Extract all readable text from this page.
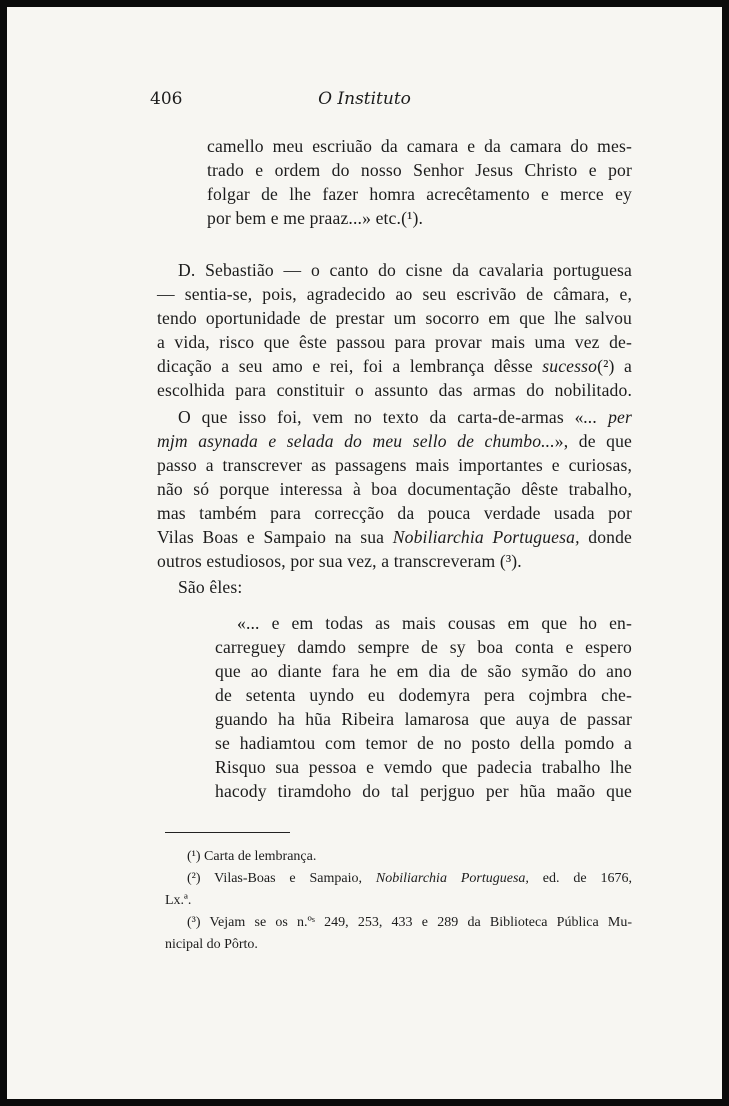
406	O Instituto
camello meu escriuão da camara e da camara do mes-
trado e ordem do nosso Senhor Jesus Christo e por
folgar de lhe fazer homra acrecêtamento e merce ey
por bem e me praaz...» etc.(¹).
D. Sebastião — o canto do cisne da cavalaria portuguesa
— sentia-se, pois, agradecido ao seu escrivão de câmara, e,
tendo oportunidade de prestar um socorro em que lhe salvou
a vida, risco que êste passou para provar mais uma vez de-
dicação a seu amo e rei, foi a lembrança dêsse sucesso(²) a
escolhida para constituir o assunto das armas do nobilitado.
O que isso foi, vem no texto da carta-de-armas «... per
mjm asynada e selada do meu sello de chumbo...», de que
passo a transcrever as passagens mais importantes e curiosas,
não só porque interessa à boa documentação dêste trabalho,
mas também para correcção da pouca verdade usada por
Vilas Boas e Sampaio na sua Nobiliarchia Portuguesa, donde
outros estudiosos, por sua vez, a transcreveram (³).
São êles:
«... e em todas as mais cousas em que ho en-
carreguey damdo sempre de sy boa conta e espero
que ao diante fara he em dia de são symão do ano
de setenta uyndo eu dodemyra pera cojmbra che-
guando ha hũa Ribeira lamarosa que auya de passar
se hadiamtou com temor de no posto della pomdo a
Risquo sua pessoa e vemdo que padecia trabalho lhe
hacody tiramdoho do tal perjguo per hũa maão que
(¹) Carta de lembrança.
(²) Vilas-Boas e Sampaio, Nobiliarchia Portuguesa, ed. de 1676,
Lx.ª.
(³) Vejam se os n.ºˢ 249, 253, 433 e 289 da Biblioteca Pública Mu-
nicipal do Pôrto.
